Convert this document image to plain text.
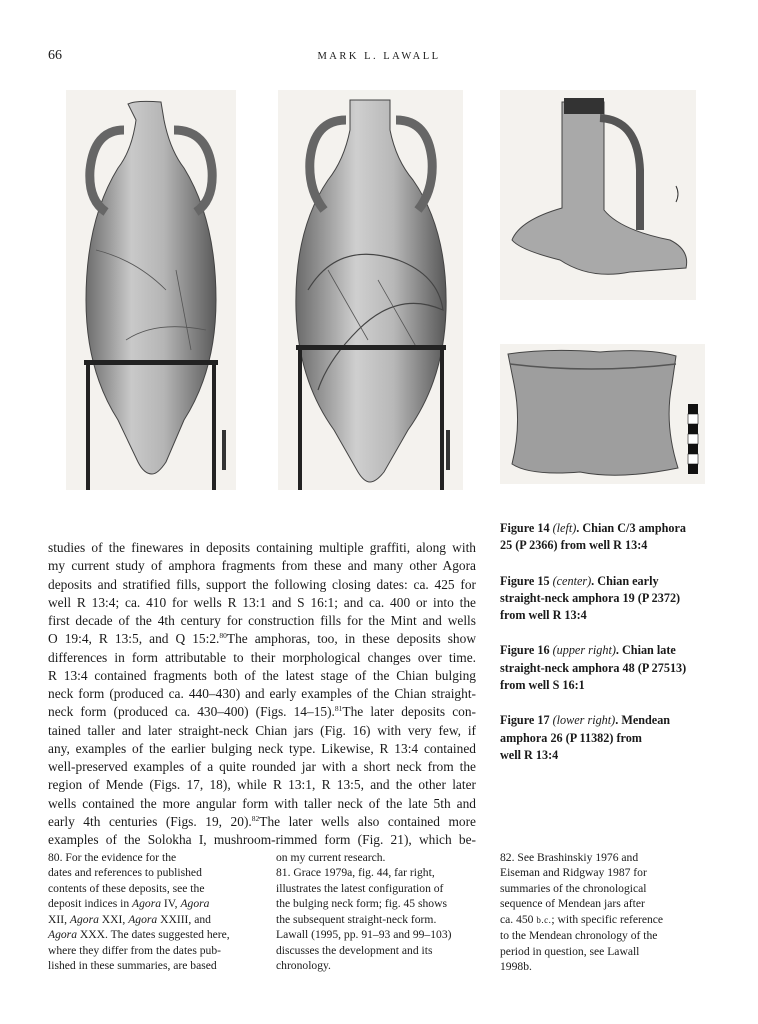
66	MARK L. LAWALL
studies of the finewares in deposits containing multiple graffiti, along with
my current study of amphora fragments from these and many other Agora
deposits and stratified fills, support the following closing dates: ca. 425 for
well R 13:4; ca. 410 for wells R 13:1 and S 16:1; and ca. 400 or into the
first decade of the 4th century for construction fills for the Mint and wells
O 19:4, R 13:5, and Q 15:2.80The amphoras, too, in these deposits show
differences in form attributable to their morphological changes over time.
R 13:4 contained fragments both of the latest stage of the Chian bulging
neck form (produced ca. 440–430) and early examples of the Chian straight-
neck form (produced ca. 430–400) (Figs. 14–15).$^{81}$The later deposits con-
tained taller and later straight-neck Chian jars (Fig. 16) with very few, if
any, examples of the earlier bulging neck type. Likewise, R 13:4 contained
well-preserved examples of a quite rounded jar with a short neck from the
region of Mende (Figs. 17, 18), while R 13:1, R 13:5, and the other later
wells contained the more angular form with taller neck of the late 5th and
early 4th centuries (Figs. 19, 20).$^{82}$The later wells also contained more
examples of the Solokha I, mushroom-rimmed form (Fig. 21), which be-

Figure 14 (left). Chian C/3 amphora
25 (P 2366) from well R 13:4

Figure 15 (center). Chian early
straight-neck amphora 19 (P 2372)
from well R 13:4

Figure 16 (upper right). Chian late
straight-neck amphora 48 (P 27513)
from well S 16:1

Figure 17 (lower right). Mendean
amphora 26 (P 11382) from
well R 13:4

80. For the evidence for the
dates and references to published
contents of these deposits, see the
deposit indices in Agora IV, Agora
XII, Agora XXI, Agora XXIII, and
Agora XXX. The dates suggested here,
where they differ from the dates pub-
lished in these summaries, are based
on my current research.
81. Grace 1979a, fig. 44, far right,
illustrates the latest configuration of
the bulging neck form; fig. 45 shows
the subsequent straight-neck form.
Lawall (1995, pp. 91–93 and 99–103)
discusses the development and its
chronology.
82. See Brashinskiy 1976 and
Eiseman and Ridgway 1987 for
summaries of the chronological
sequence of Mendean jars after
ca. 450 b.c.; with specific reference
to the Mendean chronology of the
period in question, see Lawall
1998b.
